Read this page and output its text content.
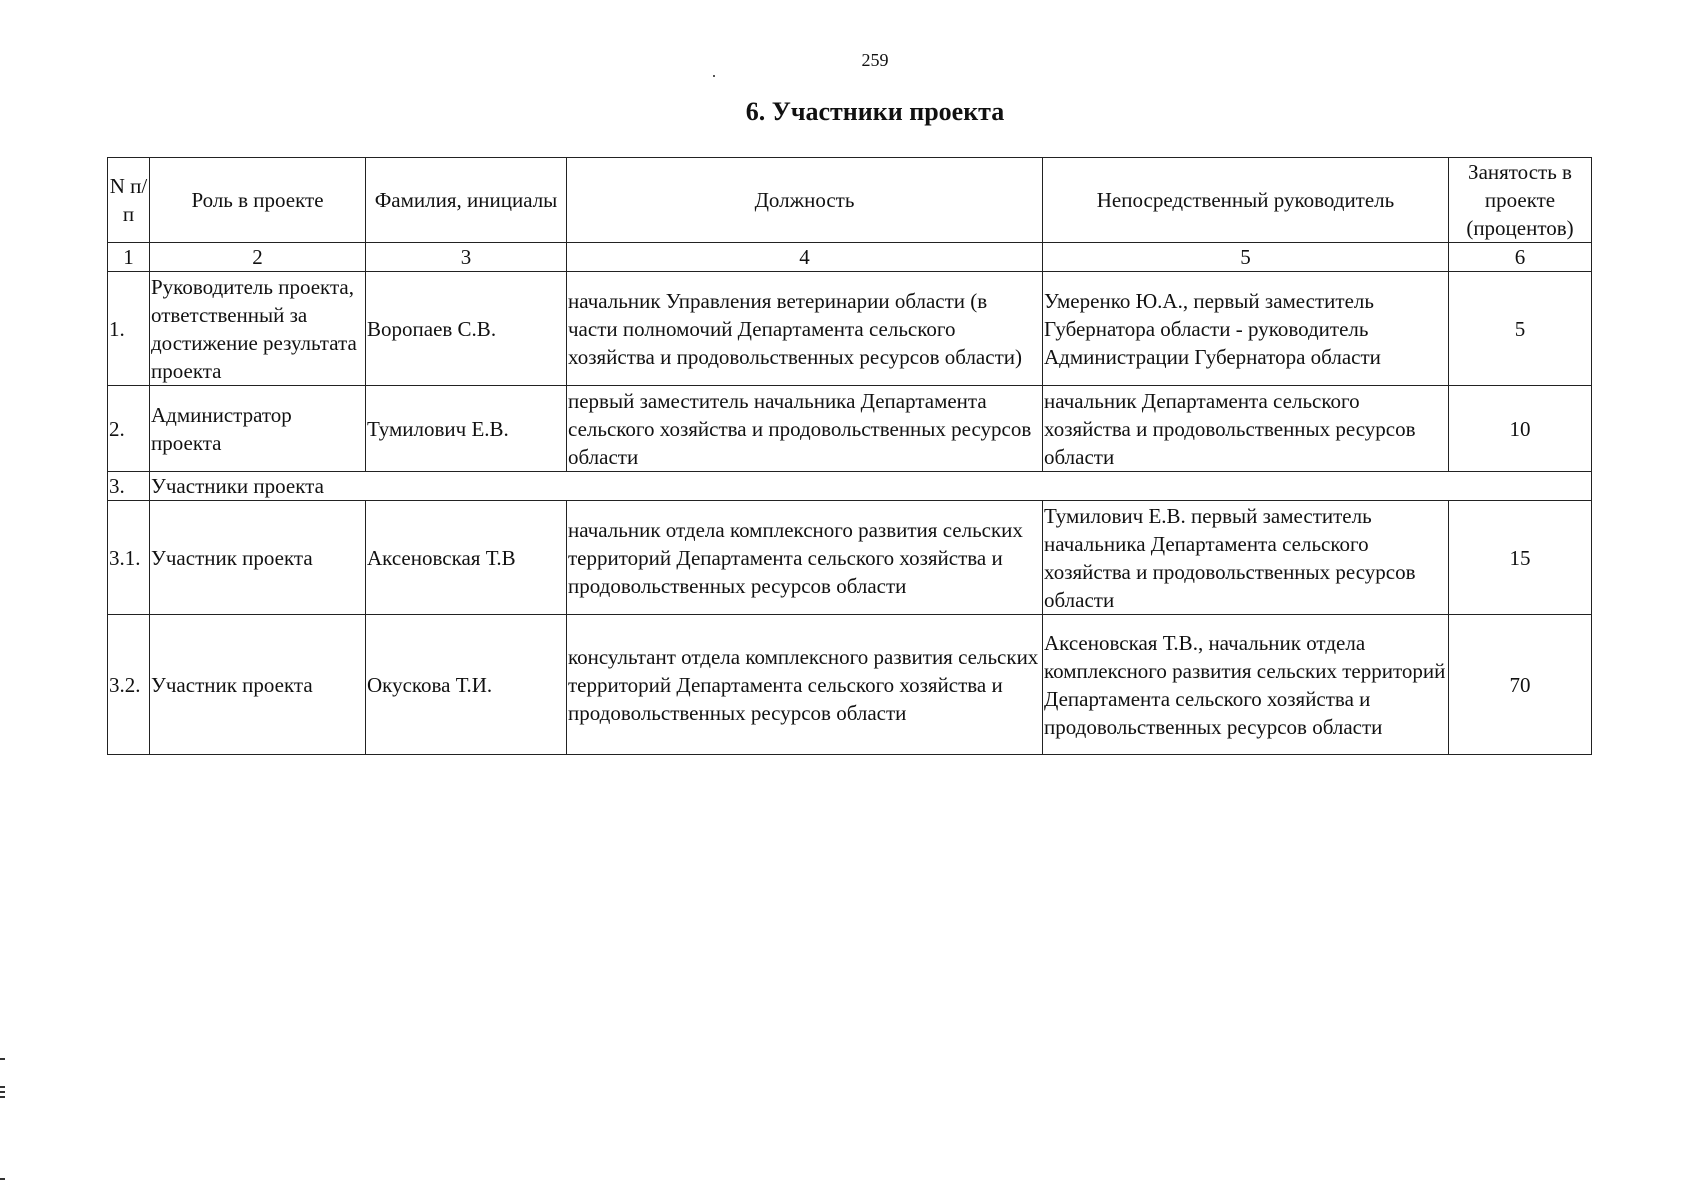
259
6. Участники проекта
N п/п	Роль в проекте	Фамилия, инициалы	Должность	Непосредственный руководитель	Занятость в проекте (процентов)
1	2	3	4	5	6
1.	Руководитель проекта, ответственный за достижение результата проекта	Воропаев С.В.	начальник Управления ветеринарии области (в части полномочий Департамента сельского хозяйства и продовольственных ресурсов области)	Умеренко Ю.А., первый заместитель Губернатора области - руководитель Администрации Губернатора области	5
2.	Администратор проекта	Тумилович Е.В.	первый заместитель начальника Департамента сельского хозяйства и продовольственных ресурсов области	начальник Департамента сельского хозяйства и продовольственных ресурсов области	10
3.	Участники проекта				
3.1.	Участник проекта	Аксеновская Т.В	начальник отдела комплексного развития сельских территорий Департамента сельского хозяйства и продовольственных ресурсов области	Тумилович Е.В. первый заместитель начальника Департамента сельского хозяйства и продовольственных ресурсов области	15
3.2.	Участник проекта	Окускова Т.И.	консультант отдела комплексного развития сельских территорий Департамента сельского хозяйства и продовольственных ресурсов области	Аксеновская Т.В., начальник отдела комплексного развития сельских территорий Департамента сельского хозяйства и продовольственных ресурсов области	70
